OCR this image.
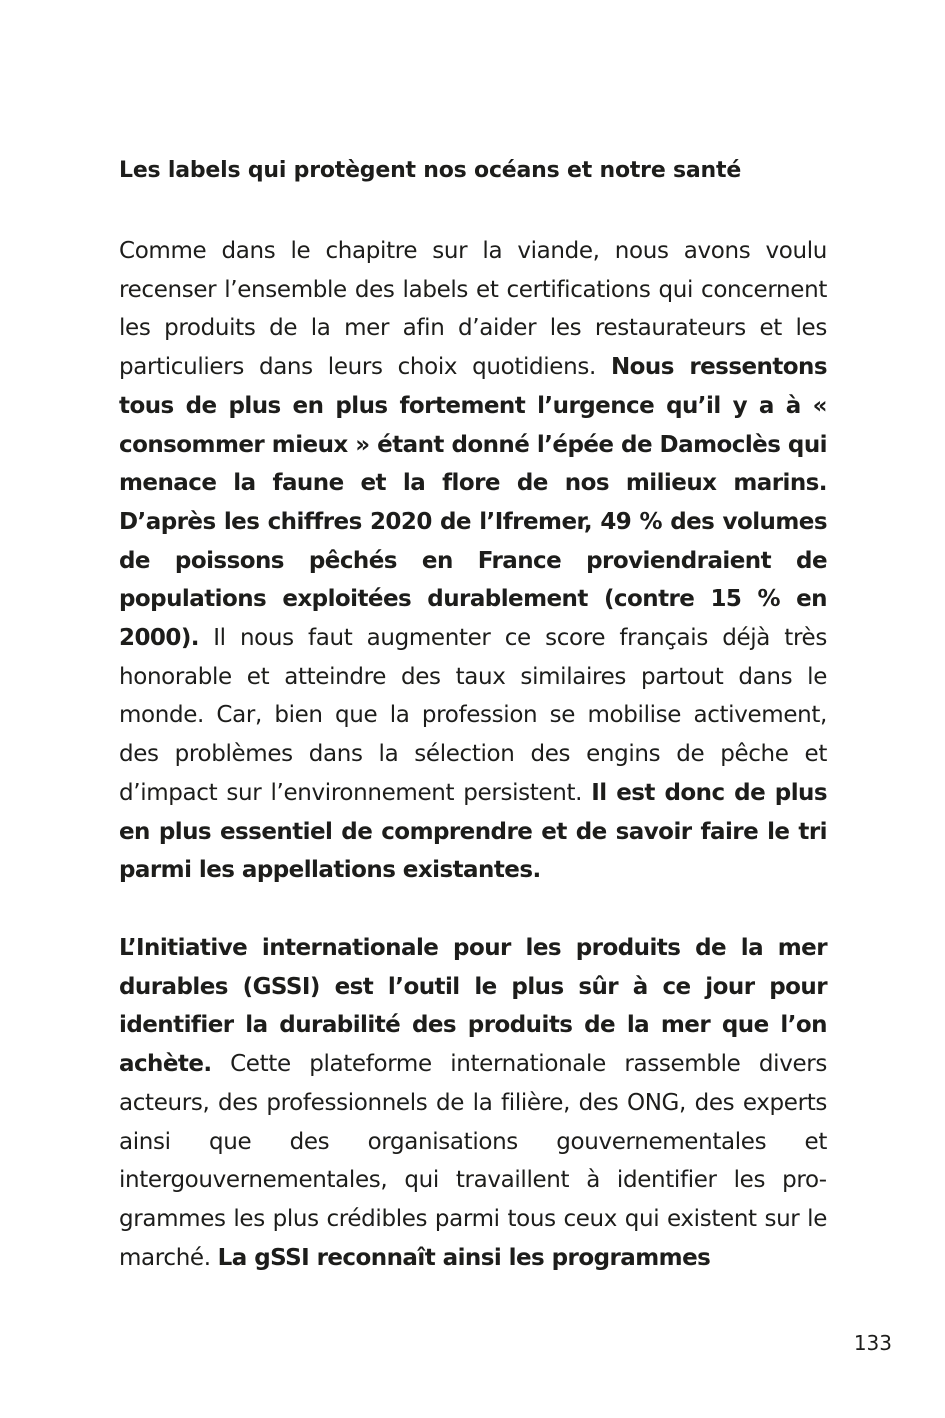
Les labels qui protègent nos océans et notre santé

Comme dans le chapitre sur la viande, nous avons voulu recenser l’ensemble des labels et certifications qui concernent les produits de la mer afin d’aider les restaurateurs et les particuliers dans leurs choix quotidiens. Nous ressentons tous de plus en plus fortement l’urgence qu’il y a à « consommer mieux » étant donné l’épée de Damoclès qui menace la faune et la flore de nos milieux marins. D’après les chiffres 2020 de l’Ifremer, 49 % des volumes de poissons pêchés en France proviendraient de populations exploitées durablement (contre 15 % en 2000). Il nous faut augmenter ce score français déjà très honorable et atteindre des taux similaires partout dans le monde. Car, bien que la profession se mobilise activement, des problèmes dans la sélection des engins de pêche et d’impact sur l’environnement persistent. Il est donc de plus en plus essentiel de comprendre et de savoir faire le tri parmi les appellations existantes.

L’Initiative internationale pour les produits de la mer durables (GSSI) est l’outil le plus sûr à ce jour pour identifier la durabilité des produits de la mer que l’on achète. Cette plateforme internationale rassemble divers acteurs, des professionnels de la filière, des ONG, des experts ainsi que des organisations gouvernementales et intergouvernementales, qui travaillent à identifier les programmes les plus crédibles parmi tous ceux qui existent sur le marché. La gSSI reconnaît ainsi les programmes

133
